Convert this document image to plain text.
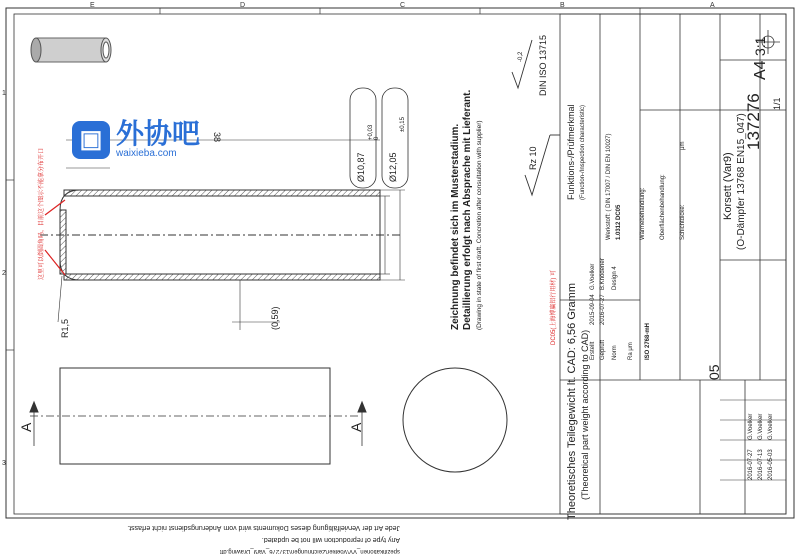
E	D	C	B	A
1
2
3
38
Ø10,87
+0,03 0
Ø12,05
±0,15
R1,5	(0,59)
A	A
这里可以倒圆角吗，目前这个图示不能拿分布开口
DC05(上海博赢铝行用材) 可
Zeichnung befindet sich im Musterstadium. Detaillierung erfolgt nach Absprache mit Lieferant. (Drawing in state of first draft. Concretion after consultation with supplier)
Theoretisches Teilegewicht lt. CAD: 6,56 Gramm (Theoretical part weight according to CAD)
Rz 10
DIN ISO 13715
-0,2
Funktions-/Prüfmerkmal (Function-/Inspection characteristic)	Werkstoff: ( DIN 17007 / DIN EN 10027) 1.0312 DC05	Wärmebehandlung: Oberflächenbehandlung: Schichtdicke:
μm
Korsett (Var9) (O-Dämpfer 13768 EN15_047)
137276
A4
3:1
1/1
Erstellt Geprüft
2015-09-04 2016-07-27
G.Voelker B.Knödener
Norm
Design 4
Ra μm ISO 2768-mH
05
2016-07-27
G.Voelker
2016-07-13
G.Voelker
2016-05-03
G.Voelker
Jede Art der Vervielfältigung dieses Dokuments wird vom Änderungsdienst nicht erfasst.
Any type of reproduction will not be updated.
spezifikationen_VV\Voelker\Zeichnungen\137276_Var9_Drawing.dft
▣ 外协吧
waixieba.com
